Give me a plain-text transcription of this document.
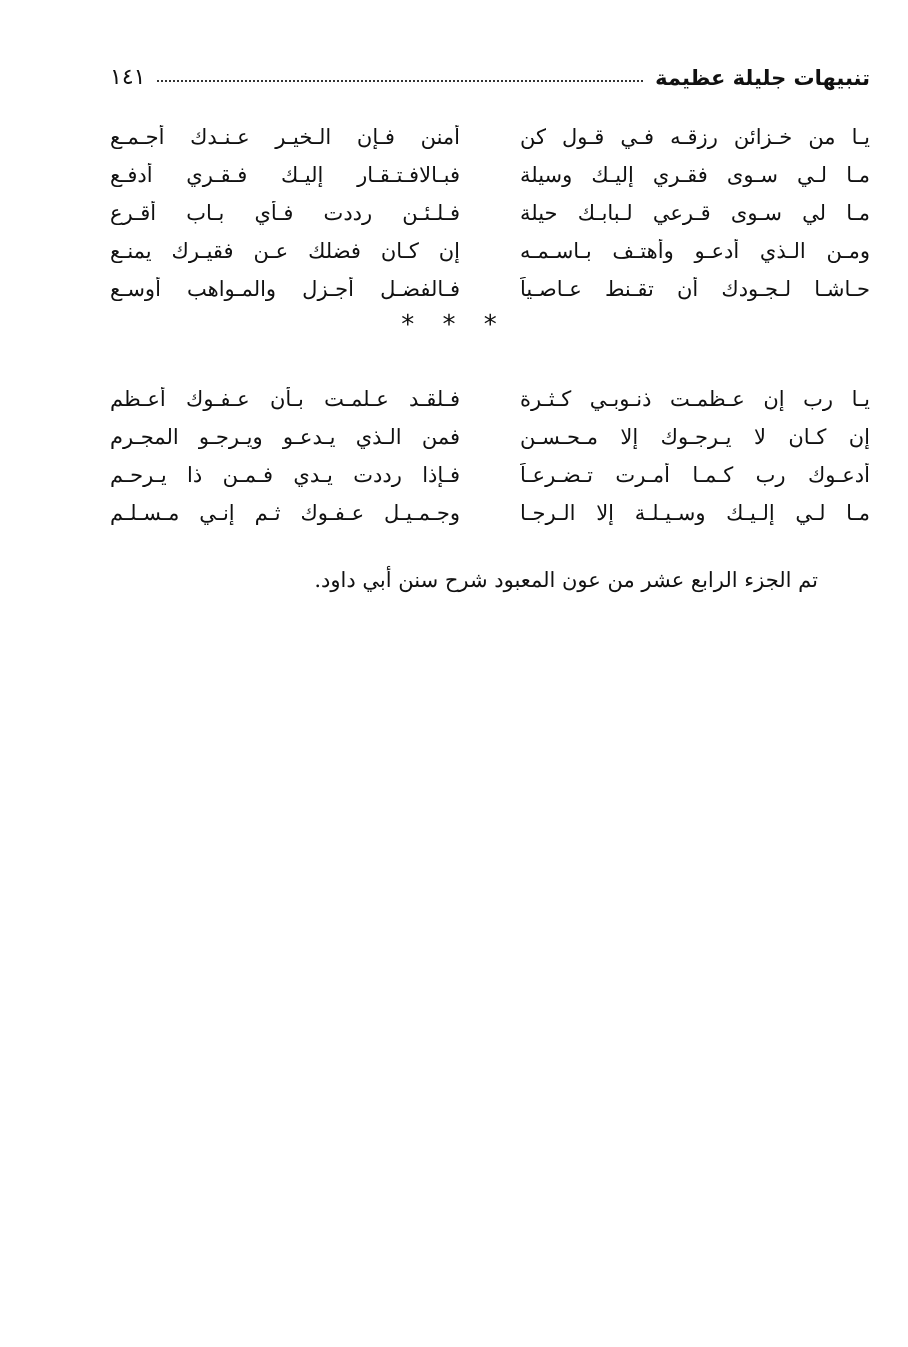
تنبيهات جليلة عظيمة
١٤١
يـا من خـزائن رزقـه فـي قـول كن
أمنن فـإن الـخيـر عـنـدك أجـمـع
مـا لـي سـوى فقـري إليـك وسيلة
فبـالافـتـقـار إليـك فـقـري أدفـع
مـا لي سـوى قـرعي لـبابـك حيلة
فـلـئـن رددت فـأي بـاب أقـرع
ومـن الـذي أدعـو وأهتـف بـاسـمـه
إن كـان فضلك عـن فقيـرك يمنـع
حـاشـا لـجـودك أن تقـنط عـاصـياً
فـالفضـل أجـزل والمـواهب أوسـع
* * *
يـا رب إن عـظمـت ذنـوبـي كـثـرة
فـلقـد عـلمـت بـأن عـفـوك أعـظم
إن كـان لا يـرجـوك إلا مـحـسـن
فمن الـذي يـدعـو ويـرجـو المجـرم
أدعـوك رب كـمـا أمـرت تـضـرعـاً
فـإذا رددت يـدي فـمـن ذا يـرحـم
مـا لـي إلـيـك وسـيـلـة إلا الـرجـا
وجـمـيـل عـفـوك ثـم إنـي مـسـلـم
تم الجزء الرابع عشر من عون المعبود شرح سنن أبي داود.
